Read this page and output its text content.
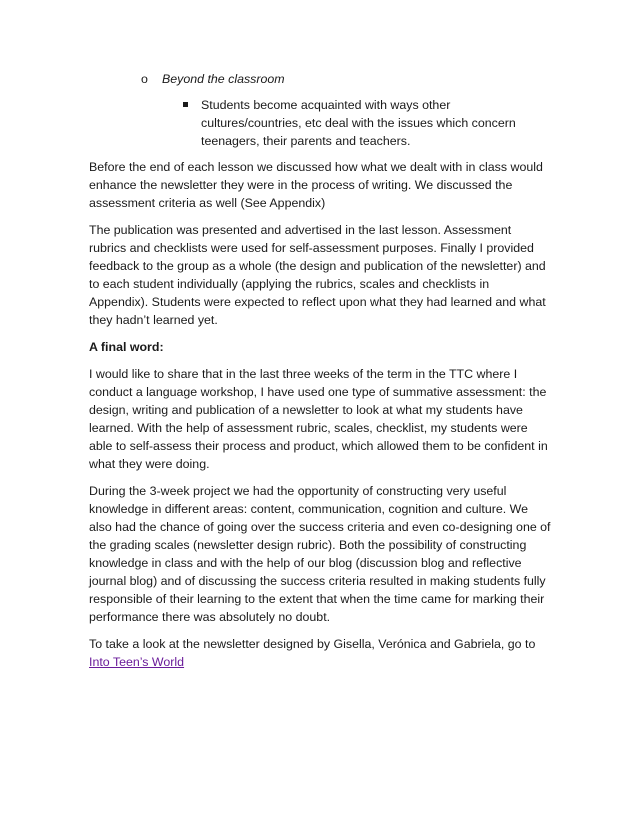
o	Beyond the classroom
Students become acquainted with ways other cultures/countries, etc deal with the issues which concern teenagers, their parents and teachers.

Before the end of each lesson we discussed how what we dealt with in class would enhance the newsletter they were in the process of writing. We discussed the assessment criteria as well (See Appendix)

The publication was presented and advertised in the last lesson. Assessment rubrics and checklists were used for self-assessment purposes. Finally I provided feedback to the group as a whole (the design and publication of the newsletter) and to each student individually (applying the rubrics, scales and checklists in Appendix). Students were expected to reflect upon what they had learned and what they hadn’t learned yet.

A final word:

I would like to share that in the last three weeks of the term in the TTC where I conduct a language workshop, I have used one type of summative assessment: the design, writing and publication of a newsletter to look at what my students have learned. With the help of assessment rubric, scales, checklist, my students were able to self-assess their process and product, which allowed them to be confident in what they were doing.

During the 3-week project we had the opportunity of constructing very useful knowledge in different areas: content, communication, cognition and culture. We also had the chance of going over the success criteria and even co-designing one of the grading scales (newsletter design rubric). Both the possibility of constructing knowledge in class and with the help of our blog (discussion blog and reflective journal blog) and of discussing the success criteria resulted in making students fully responsible of their learning to the extent that when the time came for marking their performance there was absolutely no doubt.

To take a look at the newsletter designed by Gisella, Verónica and Gabriela, go to Into Teen’s World
